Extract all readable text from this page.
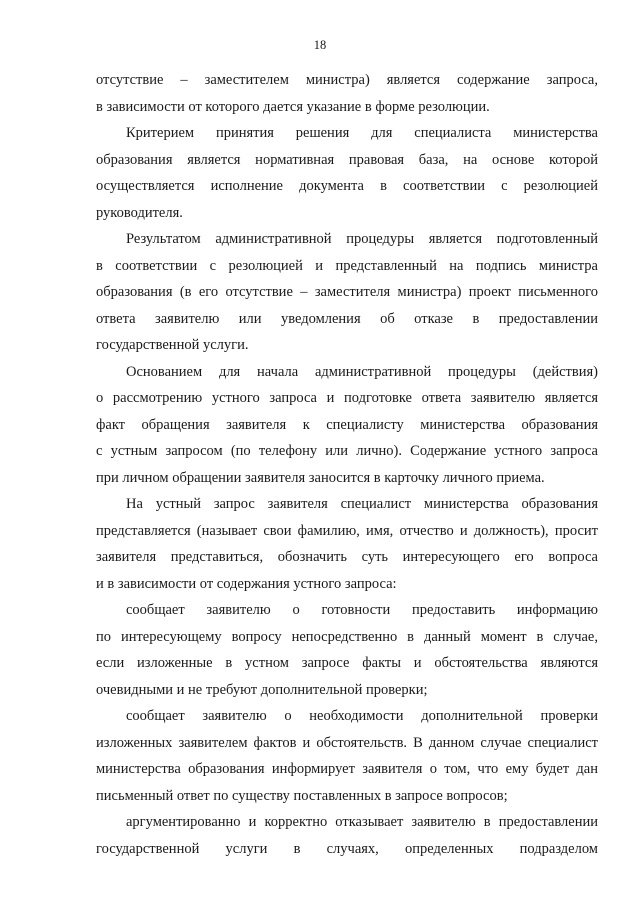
18
отсутствие – заместителем министра) является содержание запроса,
в зависимости от которого дается указание в форме резолюции.
Критерием принятия решения для специалиста министерства
образования является нормативная правовая база, на основе которой
осуществляется исполнение документа в соответствии с резолюцией
руководителя.
Результатом административной процедуры является подготовленный
в соответствии с резолюцией и представленный на подпись министра
образования (в его отсутствие – заместителя министра) проект письменного
ответа заявителю или уведомления об отказе в предоставлении
государственной услуги.
Основанием для начала административной процедуры (действия)
о рассмотрению устного запроса и подготовке ответа заявителю является
факт обращения заявителя к специалисту министерства образования
с устным запросом (по телефону или лично). Содержание устного запроса
при личном обращении заявителя заносится в карточку личного приема.
На устный запрос заявителя специалист министерства образования
представляется (называет свои фамилию, имя, отчество и должность), просит
заявителя представиться, обозначить суть интересующего его вопроса
и в зависимости от содержания устного запроса:
сообщает заявителю о готовности предоставить информацию
по интересующему вопросу непосредственно в данный момент в случае,
если изложенные в устном запросе факты и обстоятельства являются
очевидными и не требуют дополнительной проверки;
сообщает заявителю о необходимости дополнительной проверки
изложенных заявителем фактов и обстоятельств. В данном случае специалист
министерства образования информирует заявителя о том, что ему будет дан
письменный ответ по существу поставленных в запросе вопросов;
аргументированно и корректно отказывает заявителю в предоставлении
государственной услуги в случаях, определенных подразделом
